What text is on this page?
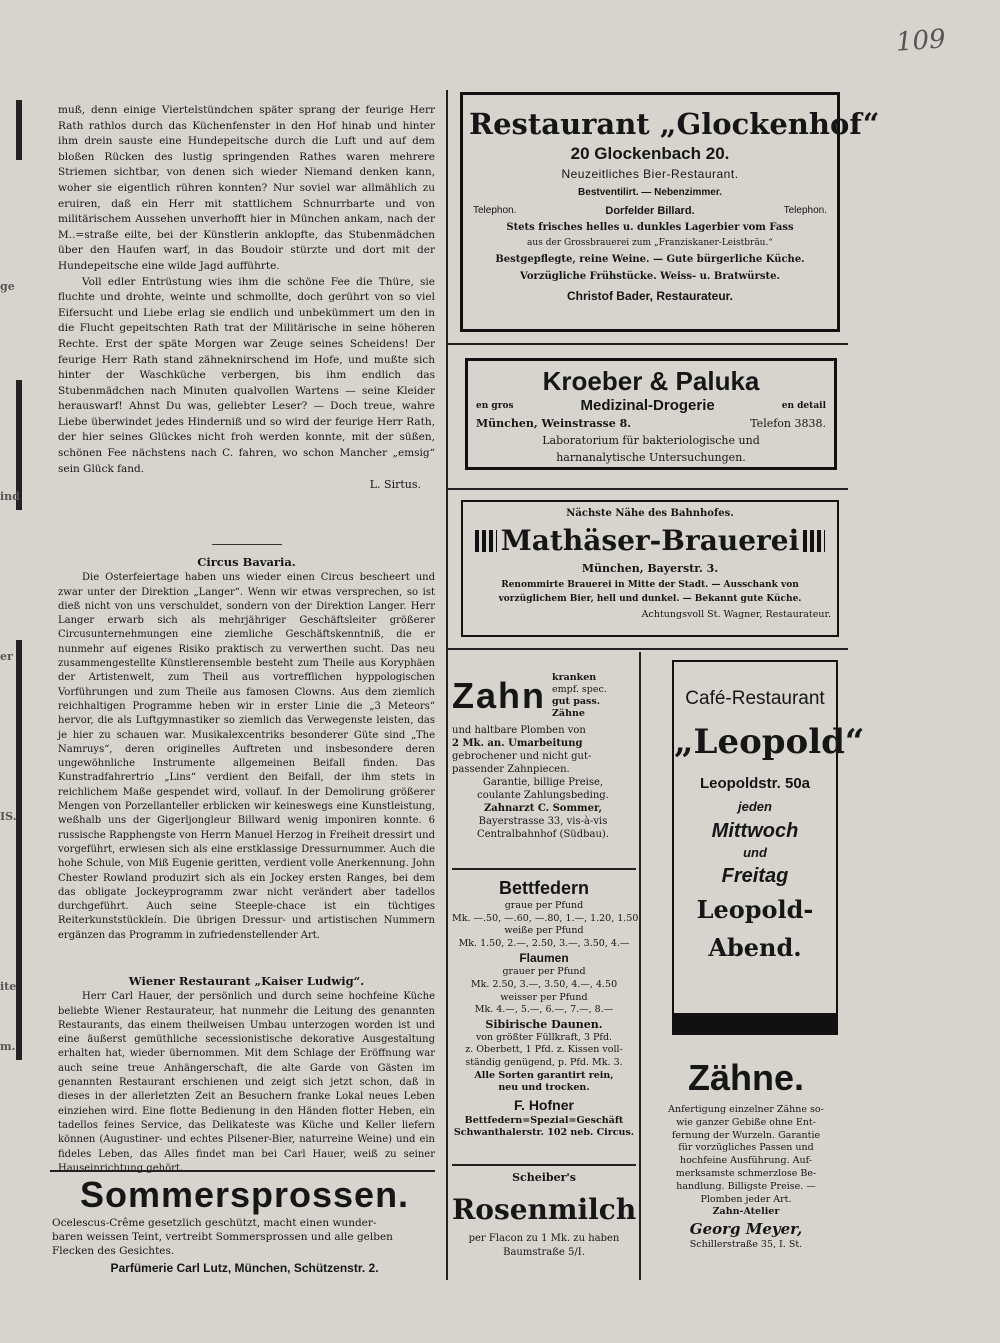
109
ge
ind
er
IS.
ite
m.

muß, denn einige Viertelstündchen später sprang der feurige Herr Rath rathlos durch das Küchenfenster in den Hof hinab und hinter ihm drein sauste eine Hundepeitsche durch die Luft und auf dem bloßen Rücken des lustig springenden Rathes waren mehrere Striemen sichtbar, von denen sich wieder Niemand denken kann, woher sie eigentlich rühren konnten? Nur soviel war allmählich zu eruiren, daß ein Herr mit stattlichem Schnurrbarte und von militärischem Aussehen unverhofft hier in München ankam, nach der M..=straße eilte, bei der Künstlerin anklopfte, das Stubenmädchen über den Haufen warf, in das Boudoir stürzte und dort mit der Hundepeitsche eine wilde Jagd aufführte.

Voll edler Entrüstung wies ihm die schöne Fee die Thüre, sie fluchte und drohte, weinte und schmollte, doch gerührt von so viel Eifersucht und Liebe erlag sie endlich und unbekümmert um den in die Flucht gepeitschten Rath trat der Militärische in seine höheren Rechte. Erst der späte Morgen war Zeuge seines Scheidens! Der feurige Herr Rath stand zähneknirschend im Hofe, und mußte sich hinter der Waschküche verbergen, bis ihm endlich das Stubenmädchen nach Minuten qualvollen Wartens — seine Kleider herauswarf! Ahnst Du was, geliebter Leser? — Doch treue, wahre Liebe überwindet jedes Hinderniß und so wird der feurige Herr Rath, der hier seines Glückes nicht froh werden konnte, mit der süßen, schönen Fee nächstens nach C. fahren, wo schon Mancher „emsig“ sein Glück fand.

L. Sirtus.
Circus Bavaria.

Die Osterfeiertage haben uns wieder einen Circus bescheert und zwar unter der Direktion „Langer“. Wenn wir etwas versprechen, so ist dieß nicht von uns verschuldet, sondern von der Direktion Langer. Herr Langer erwarb sich als mehrjähriger Geschäftsleiter größerer Circusunternehmungen eine ziemliche Geschäftskenntniß, die er nunmehr auf eigenes Risiko praktisch zu verwerthen sucht. Das neu zusammengestellte Künstlerensemble besteht zum Theile aus Koryphäen der Artistenwelt, zum Theil aus vortrefflichen hyppologischen Vorführungen und zum Theile aus famosen Clowns. Aus dem ziemlich reichhaltigen Programme heben wir in erster Linie die „3 Meteors“ hervor, die als Luftgymnastiker so ziemlich das Verwegenste leisten, das je hier zu schauen war. Musikalexcentriks besonderer Güte sind „The Namruys“, deren originelles Auftreten und insbesondere deren ungewöhnliche Instrumente allgemeinen Beifall finden. Das Kunstradfahrertrio „Lins“ verdient den Beifall, der ihm stets in reichlichem Maße gespendet wird, vollauf. In der Demolirung größerer Mengen von Porzellanteller erblicken wir keineswegs eine Kunstleistung, weßhalb uns der Gigerljongleur Billward wenig imponiren konnte. 6 russische Rapphengste von Herrn Manuel Herzog in Freiheit dressirt und vorgeführt, erwiesen sich als eine erstklassige Dressurnummer. Auch die hohe Schule, von Miß Eugenie geritten, verdient volle Anerkennung. John Chester Rowland produzirt sich als ein Jockey ersten Ranges, bei dem das obligate Jockeyprogramm zwar nicht verändert aber tadellos durchgeführt. Auch seine Steeple-chace ist ein tüchtiges Reiterkunststückleín. Die übrigen Dressur- und artistischen Nummern ergänzen das Programm in zufriedenstellender Art.

Wiener Restaurant „Kaiser Ludwig“.

Herr Carl Hauer, der persönlich und durch seine hochfeine Küche beliebte Wiener Restaurateur, hat nunmehr die Leitung des genannten Restaurants, das einem theilweisen Umbau unterzogen worden ist und eine äußerst gemüthliche secessionistische dekorative Ausgestaltung erhalten hat, wieder übernommen. Mit dem Schlage der Eröffnung war auch seine treue Anhängerschaft, die alte Garde von Gästen im genannten Restaurant erschienen und zeigt sich jetzt schon, daß in dieses in der allerletzten Zeit an Besuchern franke Lokal neues Leben einziehen wird. Eine flotte Bedienung in den Händen flotter Heben, ein tadellos feines Service, das Delikateste was Küche und Keller liefern können (Augustiner- und echtes Pilsener-Bier, naturreine Weine) und ein fideles Leben, das Alles findet man bei Carl Hauer, weiß zu seiner Hauseinrichtung gehört.

Sommersprossen.
Ocelescus-Crême gesetzlich geschützt, macht einen wunder-
baren weissen Teint, vertreibt Sommersprossen und alle gelben
Flecken des Gesichtes.
Parfümerie Carl Lutz, München, Schützenstr. 2.
Restaurant „Glockenhof“
20 Glockenbach 20.
Neuzeitliches Bier-Restaurant.
Bestventilirt. — Nebenzimmer.
Telephon.	Dorfelder Billard.	Telephon.
Stets frisches helles u. dunkles Lagerbier vom Fass
aus der Grossbrauerei zum „Franziskaner-Leistbräu.“
Bestgepflegte, reine Weine. — Gute bürgerliche Küche.
Vorzügliche Frühstücke. Weiss- u. Bratwürste.
Christof Bader, Restaurateur.
Kroeber & Paluka
en gros	Medizinal-Drogerie	en detail
München, Weinstrasse 8.	Telefon 3838.
Laboratorium für bakteriologische und
harnanalytische Untersuchungen.
Nächste Nähe des Bahnhofes.
Mathäser-Brauerei
München, Bayerstr. 3.
Renommirte Brauerei in Mitte der Stadt. — Ausschank von
vorzüglichem Bier, hell und dunkel. — Bekannt gute Küche.
Achtungsvoll St. Wagner, Restaurateur.
Zahn kranken
empf. spec.
gut pass.
Zähne
und haltbare Plomben von
2 Mk. an. Umarbeitung
gebrochener und nicht gut-
passender Zahnpiecen.
Garantie, billige Preise,
coulante Zahlungsbeding.
Zahnarzt C. Sommer,
Bayerstrasse 33, vis-à-vis
Centralbahnhof (Südbau).
Bettfedern
graue per Pfund
Mk. —.50, —.60, —.80, 1.—, 1.20, 1.50
weiße per Pfund
Mk. 1.50, 2.—, 2.50, 3.—, 3.50, 4.—
Flaumen
grauer per Pfund
Mk. 2.50, 3.—, 3.50, 4.—, 4.50
weisser per Pfund
Mk. 4.—, 5.—, 6.—, 7.—, 8.—
Sibirische Daunen.
von größter Füllkraft, 3 Pfd.
z. Oberbett, 1 Pfd. z. Kissen voll-
ständig genügend, p. Pfd. Mk. 3.
Alle Sorten garantirt rein,
neu und trocken.
F. Hofner
Bettfedern=Spezial=Geschäft
Schwanthalerstr. 102 neb. Circus.
Scheiber's
Rosenmilch
per Flacon zu 1 Mk. zu haben
Baumstraße 5/I.
Café-Restaurant
„Leopold“
Leopoldstr. 50a
jeden
Mittwoch
und
Freitag
Leopold-
Abend.
Zähne.
Anfertigung einzelner Zähne so-
wie ganzer Gebiße ohne Ent-
fernung der Wurzeln. Garantie
für vorzügliches Passen und
hochfeine Ausführung. Auf-
merksamste schmerzlose Be-
handlung. Billigste Preise. —
Plomben jeder Art.
Zahn-Atelier
Georg Meyer,
Schillerstraße 35, I. St.
